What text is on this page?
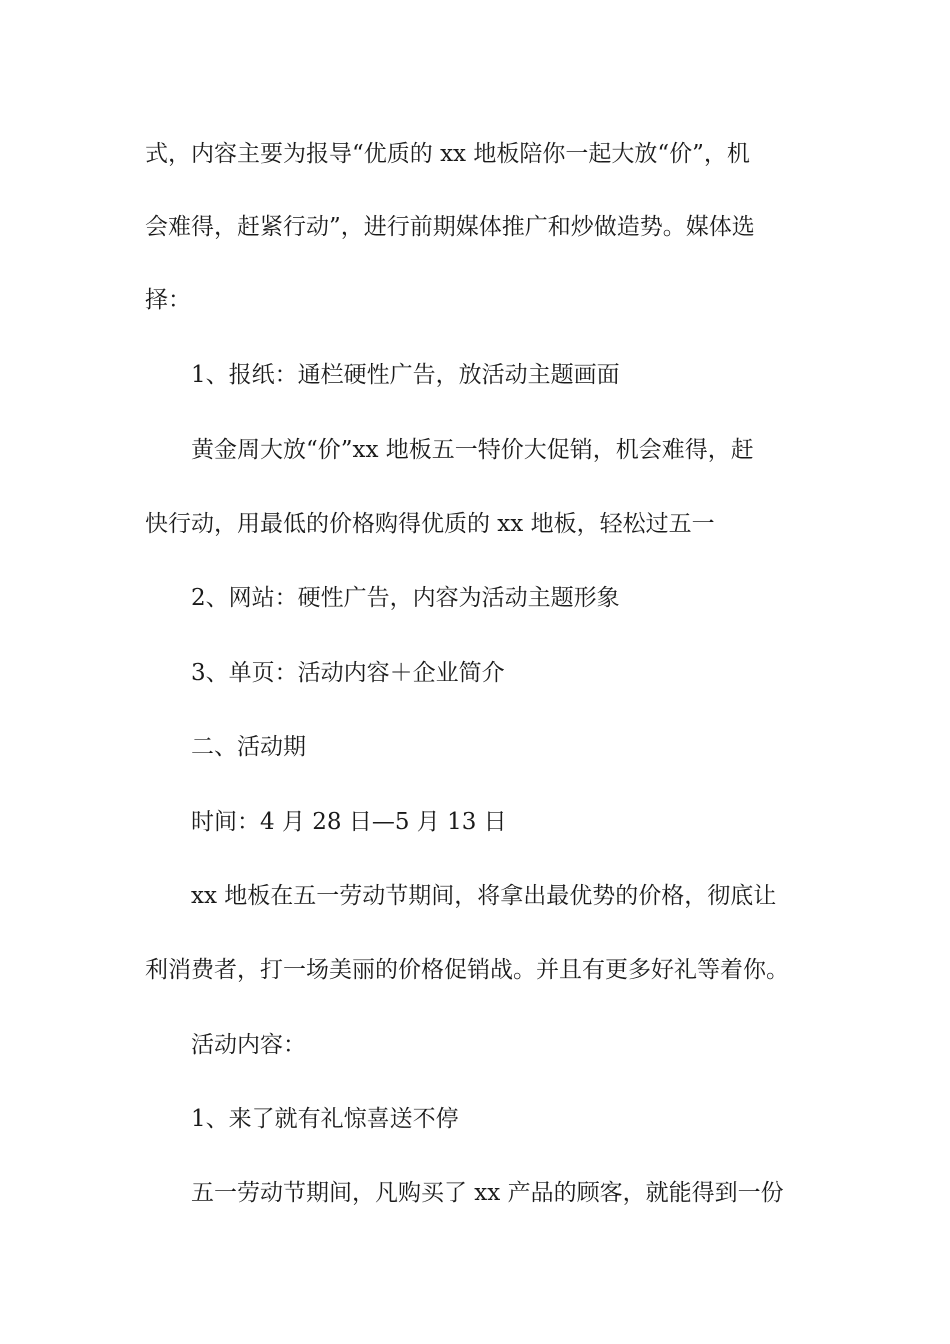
式，内容主要为报导“优质的 xx 地板陪你一起大放“价”，机
会难得，赶紧行动”，进行前期媒体推广和炒做造势。媒体选
择：
1、报纸：通栏硬性广告，放活动主题画面
黄金周大放“价”xx 地板五一特价大促销，机会难得，赶
快行动，用最低的价格购得优质的 xx 地板，轻松过五一
2、网站：硬性广告，内容为活动主题形象
3、单页：活动内容＋企业简介
二、活动期
时间：4 月 28 日—5 月 13 日
xx 地板在五一劳动节期间，将拿出最优势的价格，彻底让
利消费者，打一场美丽的价格促销战。并且有更多好礼等着你。
活动内容：
1、来了就有礼惊喜送不停
五一劳动节期间，凡购买了 xx 产品的顾客，就能得到一份
